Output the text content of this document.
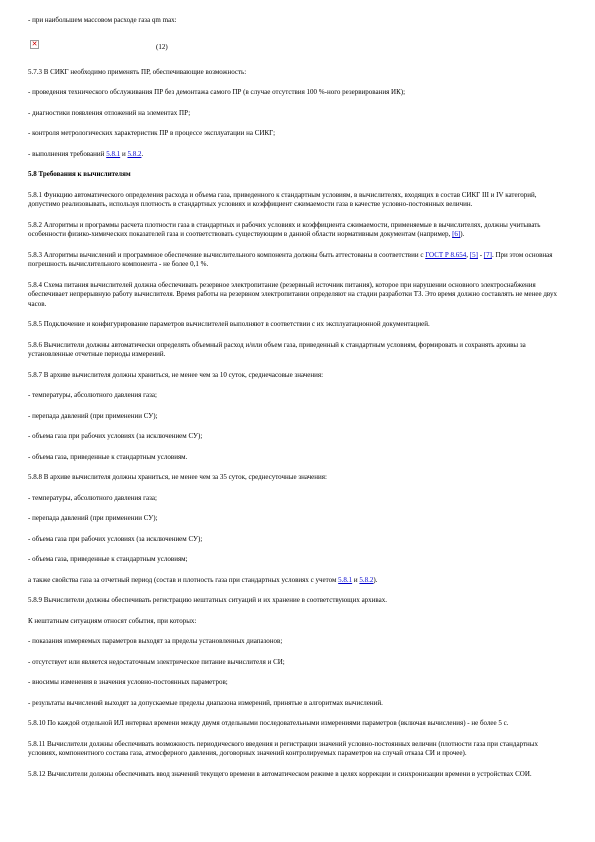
- при наибольшем массовом расходе газа qm max:

✕	(12)

5.7.3 В СИКГ необходимо применять ПР, обеспечивающие возможность:

- проведения технического обслуживания ПР без демонтажа самого ПР (в случае отсутствия 100 %-ного резервирования ИК);

- диагностики появления отложений на элементах ПР;

- контроля метрологических характеристик ПР в процессе эксплуатации на СИКГ;

- выполнения требований 5.8.1 и 5.8.2.

5.8 Требования к вычислителям

5.8.1 Функцию автоматического определения расхода и объема газа, приведенного к стандартным условиям, в вычислителях, входящих в состав СИКГ III и IV категорий, допустимо реализовывать, используя плотность в стандартных условиях и коэффициент сжимаемости газа в качестве условно-постоянных величин.

5.8.2 Алгоритмы и программы расчета плотности газа в стандартных и рабочих условиях и коэффициента сжимаемости, применяемые в вычислителях, должны учитывать особенности физико-химических показателей газа и соответствовать существующим в данной области нормативным документам (например, [6]).

5.8.3 Алгоритмы вычислений и программное обеспечение вычислительного компонента должны быть аттестованы в соответствии с ГОСТ Р 8.654, [5] - [7]. При этом основная погрешность вычислительного компонента - не более 0,1 %.

5.8.4 Схема питания вычислителей должна обеспечивать резервное электропитание (резервный источник питания), которое при нарушении основного электроснабжения обеспечивает непрерывную работу вычислителя. Время работы на резервном электропитании определяют на стадии разработки ТЗ. Это время должно составлять не менее двух часов.

5.8.5 Подключение и конфигурирование параметров вычислителей выполняют в соответствии с их эксплуатационной документацией.

5.8.6 Вычислители должны автоматически определять объемный расход и/или объем газа, приведенный к стандартным условиям, формировать и сохранять архивы за установленные отчетные периоды измерений.

5.8.7 В архиве вычислителя должны храниться, не менее чем за 10 суток, среднечасовые значения:

- температуры, абсолютного давления газа;

- перепада давлений (при применении СУ);

- объема газа при рабочих условиях (за исключением СУ);

- объема газа, приведенные к стандартным условиям.

5.8.8 В архиве вычислителя должны храниться, не менее чем за 35 суток, среднесуточные значения:

- температуры, абсолютного давления газа;

- перепада давлений (при применении СУ);

- объема газа при рабочих условиях (за исключением СУ);

- объема газа, приведенные к стандартным условиям;

а также свойства газа за отчетный период (состав и плотность газа при стандартных условиях с учетом 5.8.1 и 5.8.2).

5.8.9 Вычислители должны обеспечивать регистрацию нештатных ситуаций и их хранение в соответствующих архивах.

К нештатным ситуациям относят события, при которых:

- показания измеряемых параметров выходят за пределы установленных диапазонов;

- отсутствует или является недостаточным электрическое питание вычислителя и СИ;

- вносимы изменения в значения условно-постоянных параметров;

- результаты вычислений выходят за допускаемые пределы диапазона измерений, принятые в алгоритмах вычислений.

5.8.10 По каждой отдельной ИЛ интервал времени между двумя отдельными последовательными измерениями параметров (включая вычисления) - не более 5 с.

5.8.11 Вычислители должны обеспечивать возможность периодического введения и регистрации значений условно-постоянных величин (плотности газа при стандартных условиях, компонентного состава газа, атмосферного давления, договорных значений контролируемых параметров на случай отказа СИ и прочее).

5.8.12 Вычислители должны обеспечивать ввод значений текущего времени в автоматическом режиме в целях коррекции и синхронизации времени в устройствах СОИ.
